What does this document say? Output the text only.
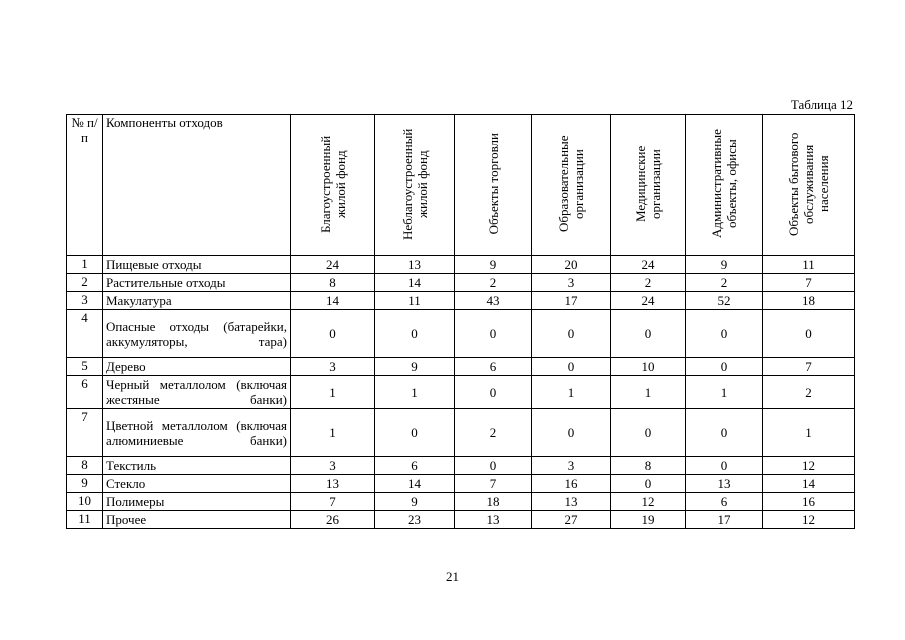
Таблица 12
№ п/п	Компоненты отходов	Благоустроенный жилой фонд	Неблагоустроенный жилой фонд	Объекты торговли	Образовательные организации	Медицинские организации	Административные объекты, офисы	Объекты бытового обслуживания населения
1	Пищевые отходы	24	13	9	20	24	9	11
2	Растительные отходы	8	14	2	3	2	2	7
3	Макулатура	14	11	43	17	24	52	18
4	Опасные отходы (батарейки, аккумуляторы, тара)	0	0	0	0	0	0	0
5	Дерево	3	9	6	0	10	0	7
6	Черный металлолом (включая жестяные банки)	1	1	0	1	1	1	2
7	Цветной металлолом (включая алюминиевые банки)	1	0	2	0	0	0	1
8	Текстиль	3	6	0	3	8	0	12
9	Стекло	13	14	7	16	0	13	14
10	Полимеры	7	9	18	13	12	6	16
11	Прочее	26	23	13	27	19	17	12
21
